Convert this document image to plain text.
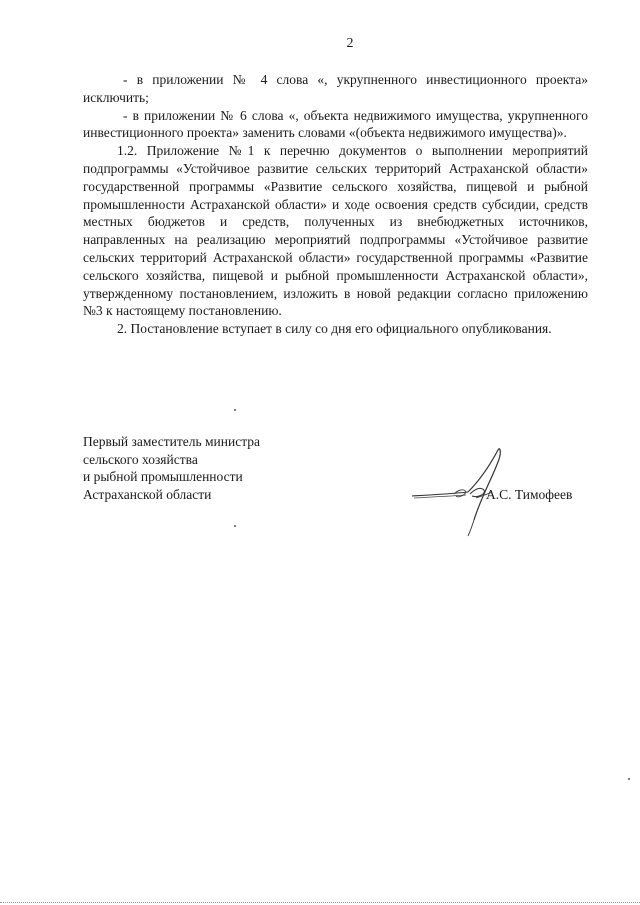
2

- в приложении № 4 слова «, укрупненного инвестиционного проекта» исключить;

- в приложении № 6 слова «, объекта недвижимого имущества, укрупненного инвестиционного проекта» заменить словами «(объекта недвижимого имущества)».

1.2. Приложение №1 к перечню документов о выполнении мероприятий подпрограммы «Устойчивое развитие сельских территорий Астраханской области» государственной программы «Развитие сельского хозяйства, пищевой и рыбной промышленности Астраханской области» и ходе освоения средств субсидии, средств местных бюджетов и средств, полученных из внебюджетных источников, направленных на реализацию мероприятий подпрограммы «Устойчивое развитие сельских территорий Астраханской области» государственной программы «Развитие сельского хозяйства, пищевой и рыбной промышленности Астраханской области», утвержденному постановлением, изложить в новой редакции согласно приложению №3 к настоящему постановлению.

2. Постановление вступает в силу со дня его официального опубликования.

Первый заместитель министра
сельского хозяйства
и рыбной промышленности
Астраханской области	А.С. Тимофеев
